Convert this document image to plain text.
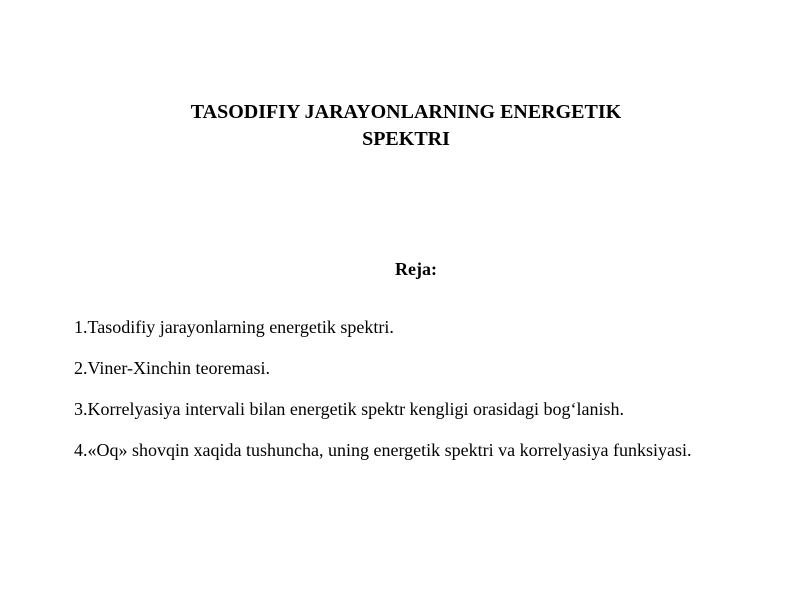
TASODIFIY JARAYONLARNING ENERGETIK
SPEKTRI
Reja:
1.Tasodifiy jarayonlarning energetik spektri.
2.Viner-Xinchin teoremasi.
3.Korrelyasiya intervali bilan energetik spektr kengligi orasidagi bog‘lanish.
4.«Oq» shovqin xaqida tushuncha, uning energetik spektri va korrelyasiya funksiyasi.
